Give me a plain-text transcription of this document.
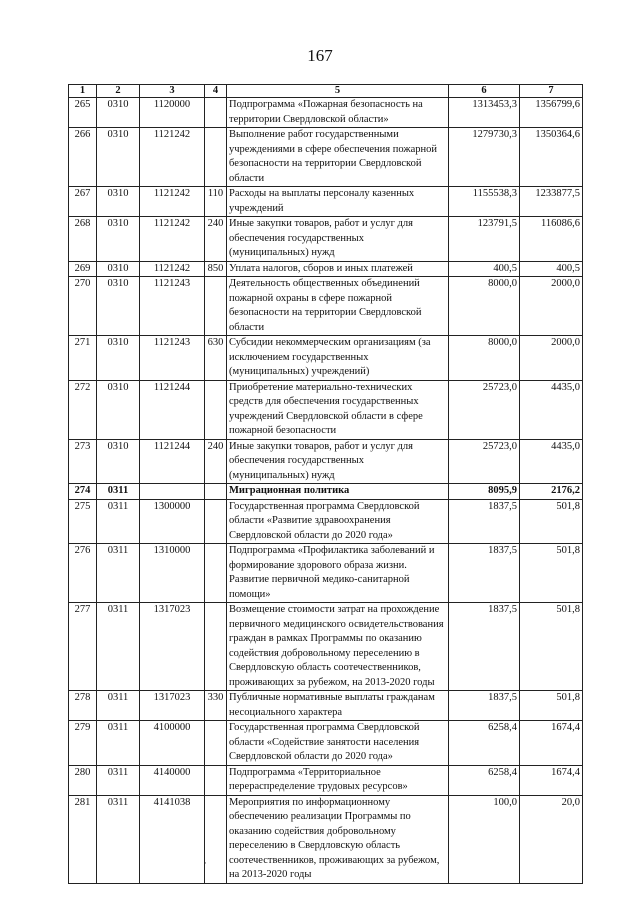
167
1	2	3	4	5	6	7
265	0310	1120000		Подпрограмма «Пожарная безопасность на территории Свердловской области»	1313453,3	1356799,6
266	0310	1121242		Выполнение работ государственными учреждениями в сфере обеспечения пожарной безопасности на территории Свердловской области	1279730,3	1350364,6
267	0310	1121242	110	Расходы на выплаты персоналу казенных учреждений	1155538,3	1233877,5
268	0310	1121242	240	Иные закупки товаров, работ и услуг для обеспечения государственных (муниципальных) нужд	123791,5	116086,6
269	0310	1121242	850	Уплата налогов, сборов и иных платежей	400,5	400,5
270	0310	1121243		Деятельность общественных объединений пожарной охраны в сфере пожарной безопасности на территории Свердловской области	8000,0	2000,0
271	0310	1121243	630	Субсидии некоммерческим организациям (за исключением государственных (муниципальных) учреждений)	8000,0	2000,0
272	0310	1121244		Приобретение материально-технических средств для обеспечения государственных учреждений Свердловской области в сфере пожарной безопасности	25723,0	4435,0
273	0310	1121244	240	Иные закупки товаров, работ и услуг для обеспечения государственных (муниципальных) нужд	25723,0	4435,0
274	0311			Миграционная политика	8095,9	2176,2
275	0311	1300000		Государственная программа Свердловской области «Развитие здравоохранения Свердловской области до 2020 года»	1837,5	501,8
276	0311	1310000		Подпрограмма «Профилактика заболеваний и формирование здорового образа жизни. Развитие первичной медико-санитарной помощи»	1837,5	501,8
277	0311	1317023		Возмещение стоимости затрат на прохождение первичного медицинского освидетельствования граждан в рамках Программы по оказанию содействия добровольному переселению в Свердловскую область соотечественников, проживающих за рубежом, на 2013-2020 годы	1837,5	501,8
278	0311	1317023	330	Публичные нормативные выплаты гражданам несоциального характера	1837,5	501,8
279	0311	4100000		Государственная программа Свердловской области «Содействие занятости населения Свердловской области до 2020 года»	6258,4	1674,4
280	0311	4140000		Подпрограмма «Территориальное перераспределение трудовых ресурсов»	6258,4	1674,4
281	0311	4141038		Мероприятия по информационному обеспечению реализации Программы по оказанию содействия добровольному переселению в Свердловскую область соотечественников, проживающих за рубежом, на 2013-2020 годы	100,0	20,0
·
